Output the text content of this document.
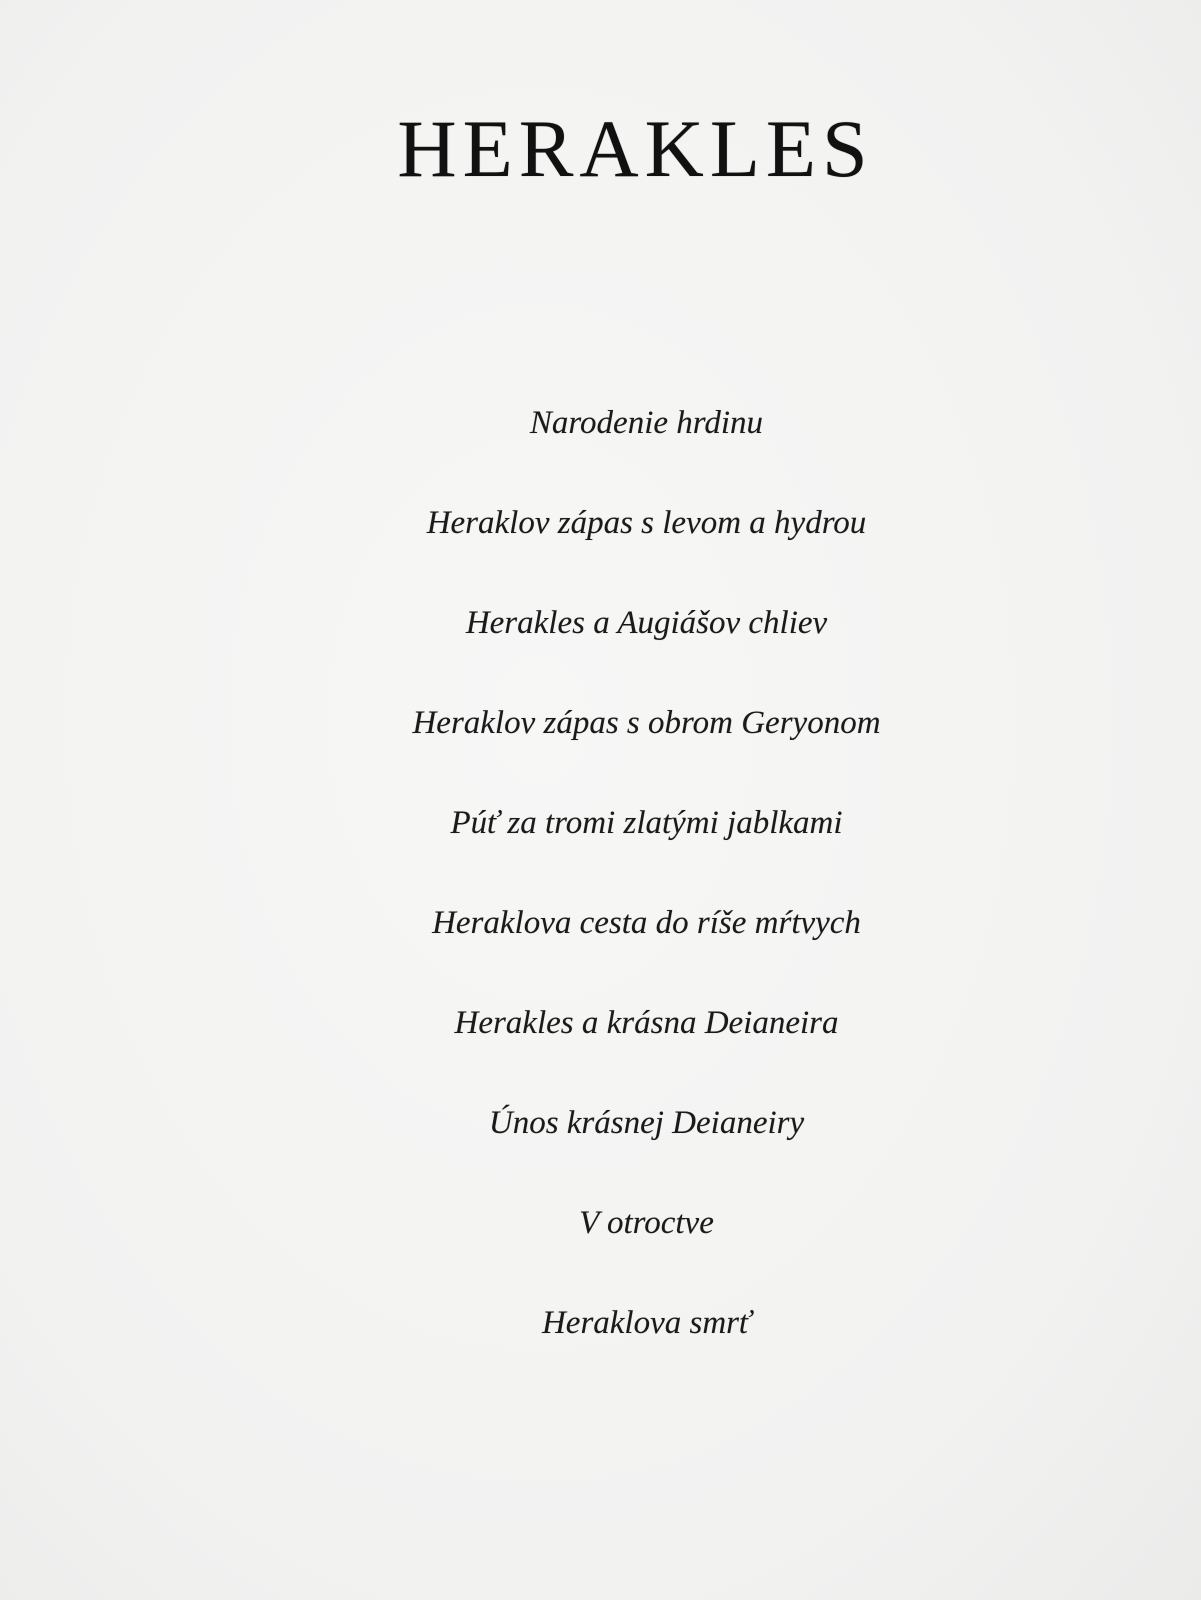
HERAKLES
Narodenie hrdinu
Heraklov zápas s levom a hydrou
Herakles a Augiášov chliev
Heraklov zápas s obrom Geryonom
Púť za tromi zlatými jablkami
Heraklova cesta do ríše mŕtvych
Herakles a krásna Deianeira
Únos krásnej Deianeiry
V otroctve
Heraklova smrť
